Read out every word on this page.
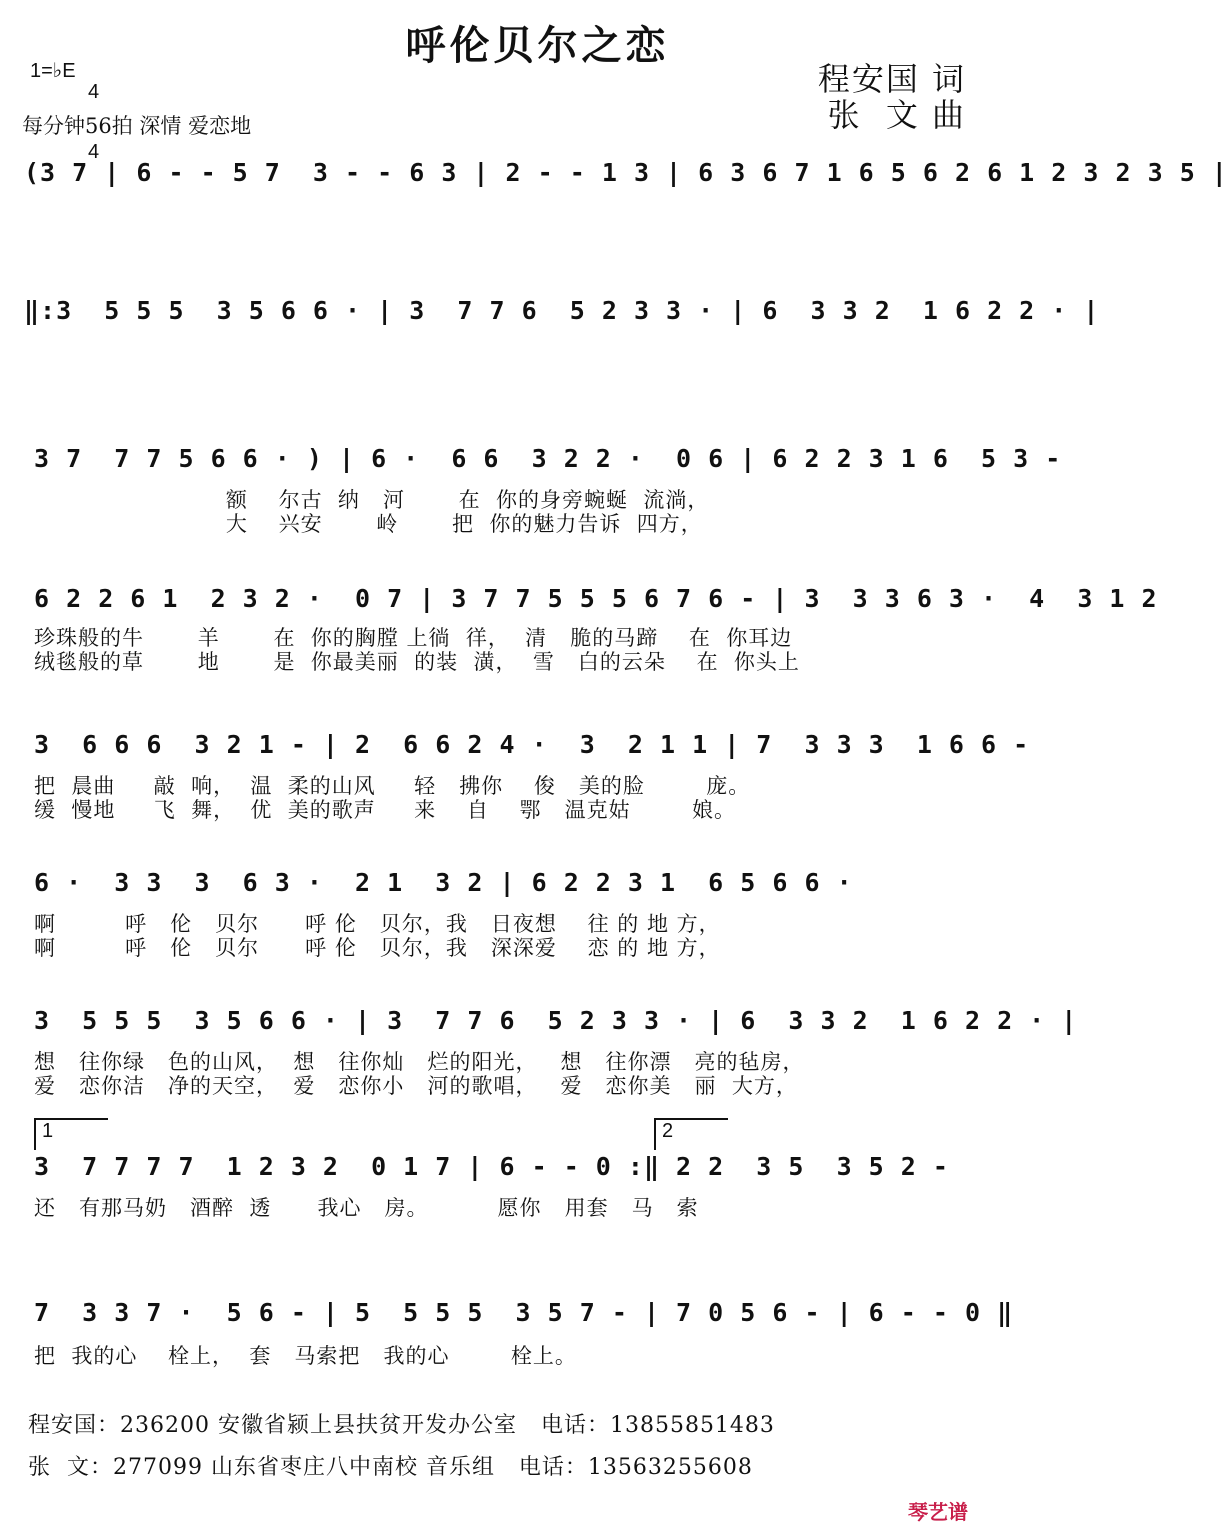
呼伦贝尔之恋
1=♭E

4

4

每分钟56拍 深情 爱恋地
程安国 词
张  文 曲
(3 7 | 6 - - 5 7  3 - - 6 3 | 2 - - 1 3 | 6 3 6 7 1 6 5 6 2 6 1 2 3 2 3 5 |
‖:3  5 5 5  3 5 6 6 · | 3  7 7 6  5 2 3 3 · | 6  3 3 2  1 6 2 2 · |
3 7  7 7 5 6 6 · ) | 6 ·  6 6  3 2 2 ·  0 6 | 6 2 2 3 1 6  5 3 -
额    尔古  纳   河       在  你的身旁蜿蜒  流淌，
大    兴安       岭       把  你的魅力告诉  四方，
6 2 2 6 1  2 3 2 ·  0 7 | 3 7 7 5 5 5 6 7 6 - | 3  3 3 6 3 ·  4  3 1 2
珍珠般的牛       羊       在  你的胸膛 上徜  徉，  清   脆的马蹄    在  你耳边
绒毯般的草       地       是  你最美丽  的装  潢，  雪   白的云朵    在  你头上
3  6 6 6  3 2 1 - | 2  6 6 2 4 ·  3  2 1 1 | 7  3 3 3  1 6 6 -
把  晨曲     敲  响，  温  柔的山风     轻   拂你    俊   美的脸        庞。
缓  慢地     飞  舞，  优  美的歌声     来    自    鄂   温克姑        娘。
6 ·  3 3  3  6 3 ·  2 1  3 2 | 6 2 2 3 1  6 5 6 6 ·
啊         呼   伦   贝尔      呼 伦   贝尔，我   日夜想    往 的 地 方，
啊         呼   伦   贝尔      呼 伦   贝尔，我   深深爱    恋 的 地 方，
3  5 5 5  3 5 6 6 · | 3  7 7 6  5 2 3 3 · | 6  3 3 2  1 6 2 2 · |
想   往你绿   色的山风，  想   往你灿   烂的阳光，   想   往你漂   亮的毡房，
爱   恋你洁   净的天空，  爱   恋你小   河的歌唱，   爱   恋你美   丽  大方，
1	2
3  7 7 7 7  1 2 3 2  0 1 7 | 6 - - 0 :‖ 2 2  3 5  3 5 2 -
还   有那马奶   酒醉  透      我心   房。         愿你   用套   马   索
7  3 3 7 ·  5 6 - | 5  5 5 5  3 5 7 - | 7 0 5 6 - | 6 - - 0 ‖
把  我的心    栓上，  套   马索把   我的心        栓上。
程安国：236200 安徽省颍上县扶贫开发办公室   电话：13855851483
张  文：277099 山东省枣庄八中南校 音乐组   电话：13563255608
琴艺谱
